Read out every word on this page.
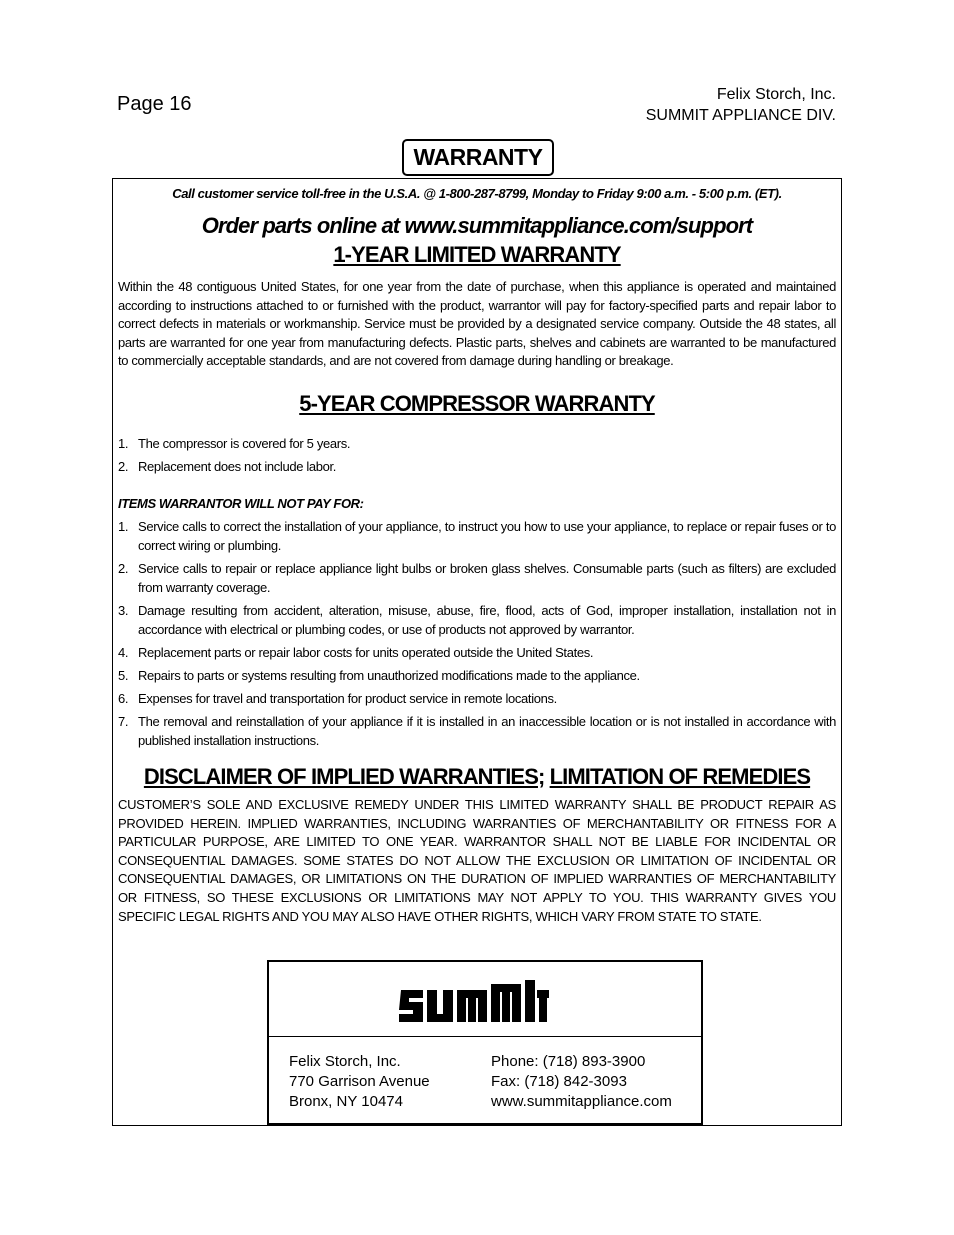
Page 16	Felix Storch, Inc.
SUMMIT APPLIANCE DIV.
WARRANTY
Call customer service toll-free in the U.S.A. @ 1-800-287-8799, Monday to Friday 9:00 a.m. - 5:00 p.m. (ET).
Order parts online at www.summitappliance.com/support
1-YEAR LIMITED WARRANTY
Within the 48 contiguous United States, for one year from the date of purchase, when this appliance is operated and maintained according to instructions attached to or furnished with the product, warrantor will pay for factory-specified parts and repair labor to correct defects in materials or workmanship. Service must be provided by a designated service company. Outside the 48 states, all parts are warranted for one year from manufacturing defects. Plastic parts, shelves and cabinets are warranted to be manufactured to commercially acceptable standards, and are not covered from damage during handling or breakage.
5-YEAR COMPRESSOR WARRANTY
1. The compressor is covered for 5 years.
2. Replacement does not include labor.
ITEMS WARRANTOR WILL NOT PAY FOR:
1. Service calls to correct the installation of your appliance, to instruct you how to use your appliance, to replace or repair fuses or to correct wiring or plumbing.
2. Service calls to repair or replace appliance light bulbs or broken glass shelves. Consumable parts (such as filters) are excluded from warranty coverage.
3. Damage resulting from accident, alteration, misuse, abuse, fire, flood, acts of God, improper installation, installation not in accordance with electrical or plumbing codes, or use of products not approved by warrantor.
4. Replacement parts or repair labor costs for units operated outside the United States.
5. Repairs to parts or systems resulting from unauthorized modifications made to the appliance.
6. Expenses for travel and transportation for product service in remote locations.
7. The removal and reinstallation of your appliance if it is installed in an inaccessible location or is not installed in accordance with published installation instructions.
DISCLAIMER OF IMPLIED WARRANTIES; LIMITATION OF REMEDIES
CUSTOMER’S SOLE AND EXCLUSIVE REMEDY UNDER THIS LIMITED WARRANTY SHALL BE PRODUCT REPAIR AS PROVIDED HEREIN. IMPLIED WARRANTIES, INCLUDING WARRANTIES OF MERCHANTABILITY OR FITNESS FOR A PARTICULAR PURPOSE, ARE LIMITED TO ONE YEAR. WARRANTOR SHALL NOT BE LIABLE FOR INCIDENTAL OR CONSEQUENTIAL DAMAGES. SOME STATES DO NOT ALLOW THE EXCLUSION OR LIMITATION OF INCIDENTAL OR CONSEQUENTIAL DAMAGES, OR LIMITATIONS ON THE DURATION OF IMPLIED WARRANTIES OF MERCHANTABILITY OR FITNESS, SO THESE EXCLUSIONS OR LIMITATIONS MAY NOT APPLY TO YOU. THIS WARRANTY GIVES YOU SPECIFIC LEGAL RIGHTS AND YOU MAY ALSO HAVE OTHER RIGHTS, WHICH VARY FROM STATE TO STATE.
Felix Storch, Inc.
770 Garrison Avenue
Bronx, NY 10474
Phone: (718) 893-3900
Fax: (718) 842-3093
www.summitappliance.com
